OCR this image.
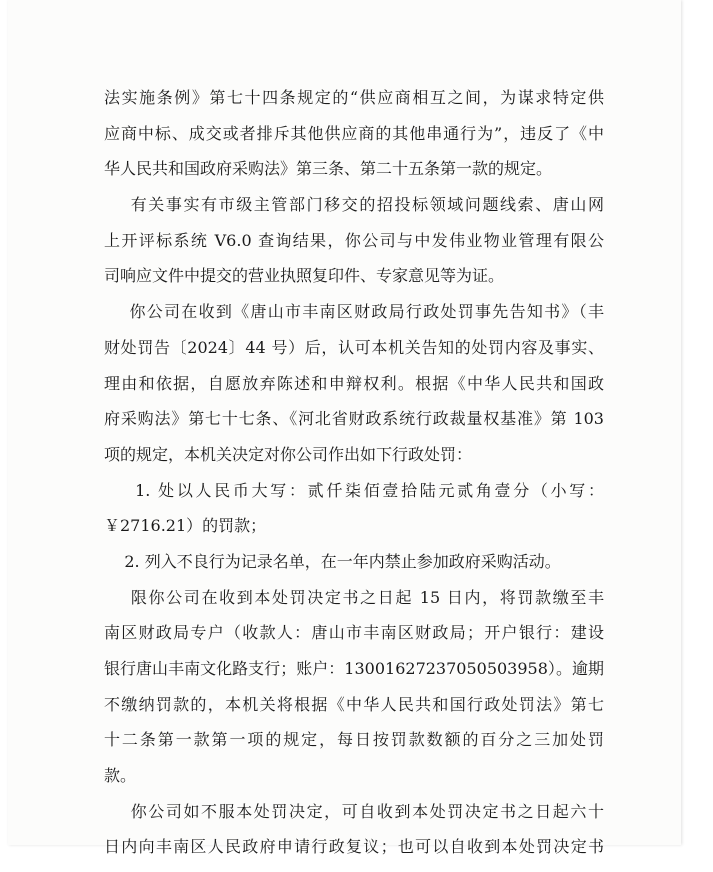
法实施条例》第七十四条规定的“供应商相互之间，为谋求特定供
应商中标、成交或者排斥其他供应商的其他串通行为”，违反了《中
华人民共和国政府采购法》第三条、第二十五条第一款的规定。
有关事实有市级主管部门移交的招投标领域问题线索、唐山网
上开评标系统 V6.0 查询结果，你公司与中发伟业物业管理有限公
司响应文件中提交的营业执照复印件、专家意见等为证。
你公司在收到《唐山市丰南区财政局行政处罚事先告知书》（丰
财处罚告〔2024〕44 号）后，认可本机关告知的处罚内容及事实、
理由和依据，自愿放弃陈述和申辩权利。根据《中华人民共和国政
府采购法》第七十七条、《河北省财政系统行政裁量权基准》第 103
项的规定，本机关决定对你公司作出如下行政处罚：
1. 处以人民币大写：贰仟柒佰壹拾陆元贰角壹分（小写：
￥2716.21）的罚款；
2. 列入不良行为记录名单，在一年内禁止参加政府采购活动。
限你公司在收到本处罚决定书之日起 15 日内，将罚款缴至丰
南区财政局专户（收款人：唐山市丰南区财政局；开户银行：建设
银行唐山丰南文化路支行；账户：13001627237050503958）。逾期
不缴纳罚款的，本机关将根据《中华人民共和国行政处罚法》第七
十二条第一款第一项的规定，每日按罚款数额的百分之三加处罚
款。
你公司如不服本处罚决定，可自收到本处罚决定书之日起六十
日内向丰南区人民政府申请行政复议；也可以自收到本处罚决定书
